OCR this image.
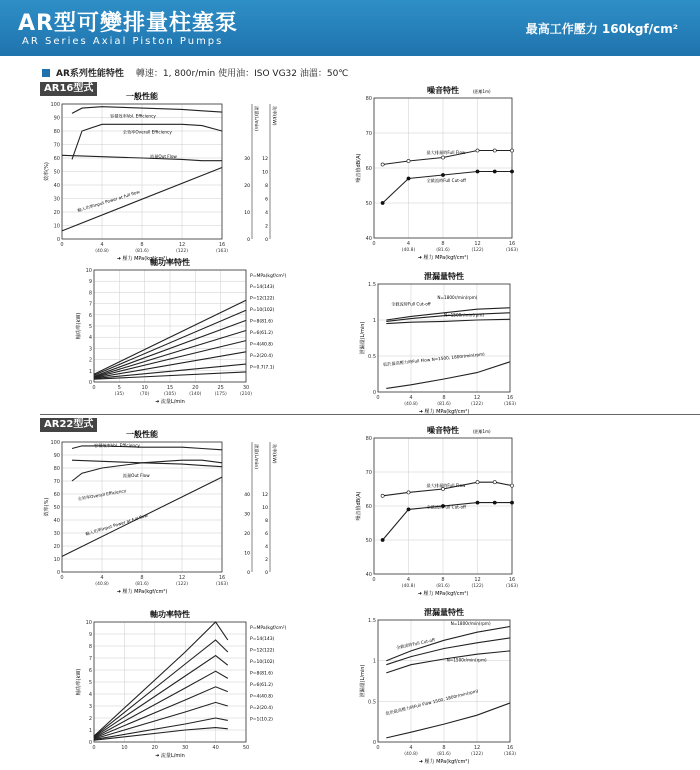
AR型可變排量柱塞泵
AR Series Axial Piston Pumps
最高工作壓力 160kgf/cm²
AR系列性能特性 轉速：1, 800r/min 使用油：ISO VG32 油溫：50℃
AR16型式
AR22型式
一般性能
0
10
20
30
40
50
60
70
80
90
100
0	4	8	12	16
(40.8)	(81.6)	(122)	(163)
➜ 壓力 MPa(kgf/cm²)
效率(%)
0
10
20
30
0
2
4
6
8
10
12
流量(L/min)	功率(kW)
容積效率Vol. Efficiency
全效率Overall Efficiency
流量Out Flow
輸入功率Input Power at full flow
噪音特性	(距離1m)
40
50
60
70
80
0	4	8	12	16
(40.8)	(81.6)	(122)	(163)
➜ 壓力 MPa(kgf/cm²)
噪音值dB(A)
最大排量時Full Flow
全截流時Full Cut-off
軸功率特性
0
1
2
3
4
5
6
7
8
9
10
0	5	10	15	20	25	30
(35)	(70)	(105)	(140)	(175)	(210)
➜ 流量L/min
軸功率(kW)
P=14(143)
P=12(122)
P=10(102)
P=8(81.6)
P=6(61.2)
P=4(40.8)
P=2(20.4)
P=0.7(7.1)
P=MPa(kgf/cm²)	泄漏量特性
0
0.5
1
1.5
0	4	8	12	16
(40.8)	(81.6)	(122)	(163)
➜ 壓力 MPa(kgf/cm²)
泄漏量(L/min)
N=1800r/min(rpm)
全截流時Full Cut-off
N=1500r/min(rpm)
低於最高壓力時Full Flow N=1500, 1800r/min(rpm)
一般性能
0
10
20
30
40
50
60
70
80
90
100
0	4	8	12	16
(40.8)	(81.6)	(122)	(163)
➜ 壓力 MPa(kgf/cm²)
效率(%)
0
10
20
30
40
0
2
4
6
8
10
12
流量(L/min)	功率(kW)
容積效率Vol. Efficiency
全效率Overall Efficiency
流量Out Flow
輸入功率Input Power at full flow
噪音特性	(距離1m)
40
50
60
70
80
0	4	8	12	16
(40.8)	(81.6)	(122)	(163)
➜ 壓力 MPa(kgf/cm²)
噪音值dB(A)
最大排量時Full Flow
全截流時Full Cut-off
軸功率特性
0
1
2
3
4
5
6
7
8
9
10
0	10	20	30	40	50
➜ 流量L/min
軸功率(kW)
P=14(143)
P=12(122)
P=10(102)
P=8(81.6)
P=6(61.2)
P=4(40.8)
P=2(20.4)
P=1(10.2)
P=MPa(kgf/cm²)
泄漏量特性
0
0.5
1
1.5
0	4	8	12	16
(40.8)	(81.6)	(122)	(163)
➜ 壓力 MPa(kgf/cm²)
泄漏量(L/min)
N=1800r/min(rpm)
全截流時Full Cut-off
N=1500r/min(rpm)
低於最高壓力時Full Flow 1500, 1800r/min(rpm)
